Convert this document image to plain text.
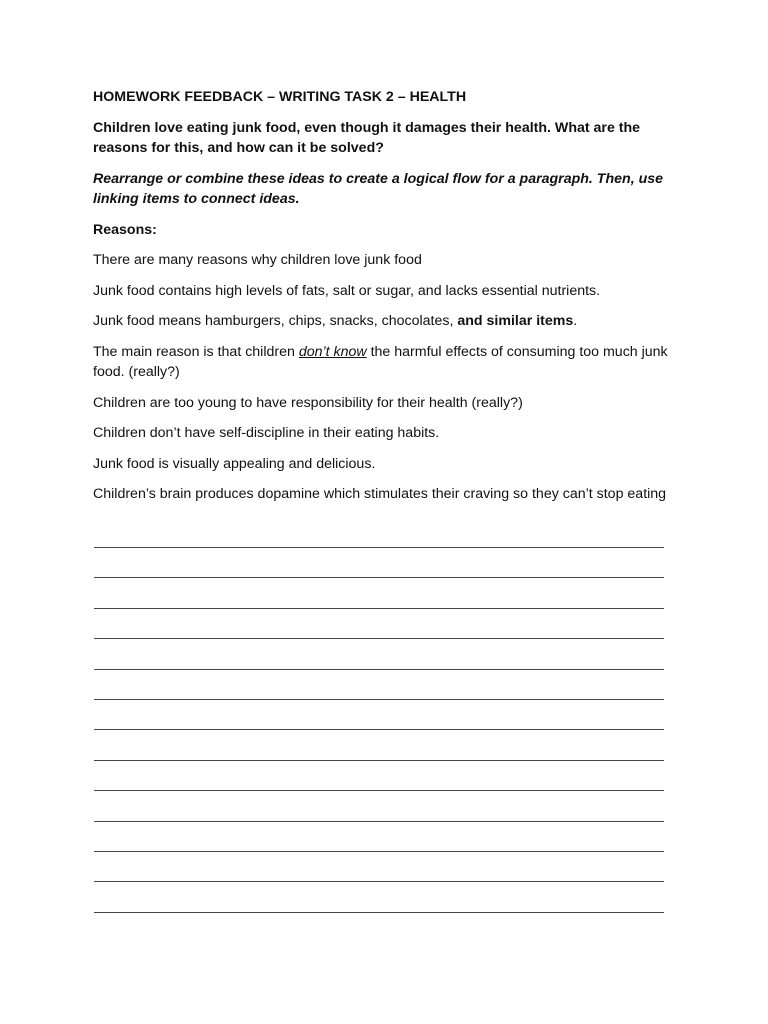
HOMEWORK FEEDBACK – WRITING TASK 2 – HEALTH

Children love eating junk food, even though it damages their health. What are the reasons for this, and how can it be solved?

Rearrange or combine these ideas to create a logical flow for a paragraph. Then, use linking items to connect ideas.

Reasons:

There are many reasons why children love junk food

Junk food contains high levels of fats, salt or sugar, and lacks essential nutrients.

Junk food means hamburgers, chips, snacks, chocolates, and similar items.

The main reason is that children don’t know the harmful effects of consuming too much junk food. (really?)

Children are too young to have responsibility for their health (really?)

Children don’t have self-discipline in their eating habits.

Junk food is visually appealing and delicious.

Children’s brain produces dopamine which stimulates their craving so they can’t stop eating
